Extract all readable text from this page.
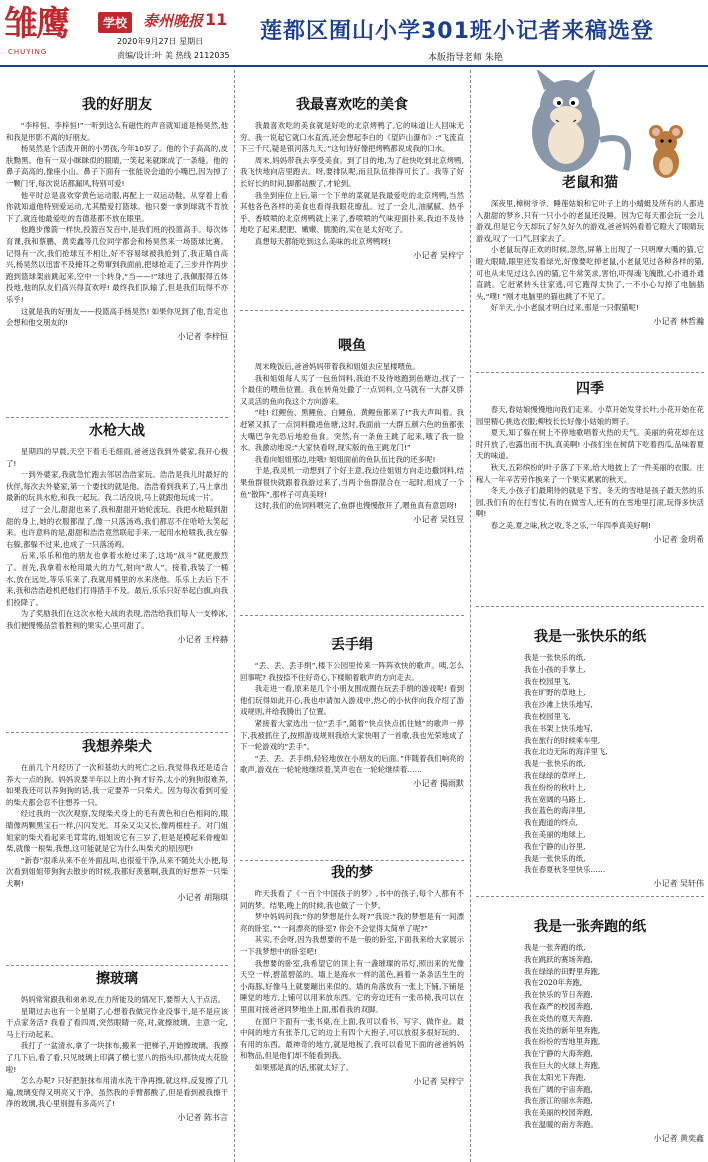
雏鹰
CHUYING
学校	泰州晚报 11
2020年9月27日 星期日
责编/设计:叶 美 热线 2112035
莲都区囿山小学301班小记者来稿选登
本版指导老师 朱艳
我的好朋友

“李梓恒、李梓恒!”一听到这么有磁性的声音就知道是杨昊然,他和我是形影不离的好朋友。

杨昊然是个活泼开朗的小男孩,今年10岁了。他的个子高高的,皮肤黝黑。他有一双小眯眯似的眼睛,一笑起来就眯成了一条缝。他的鼻子高高的,像座小山。鼻子下面有一张能说会道的小嘴巴,因为掉了一颗门牙,每次说话都漏风,特别可爱!

他平时总是喜欢穿黄色运动服,再配上一双运动鞋。从穿着上看你就知道他特别爱运动,尤其酷爱打篮球。他只要一拿到球就不肯放下了,就连他最爱吃的肯德基都不放在眼里。

他跑步像箭一样快,投篮百发百中,是我们班的投篮高手。每次体育课,我和蔡鹏、黄奕鑫等几位同学都会和杨昊然来一场篮球比赛。记得有一次,我们抢球互不相让,好不容易球被我抢到了,我正瞄自高兴,杨昊然以迅雷不及掩耳之势窜到我面前,把球抢走了,三步并作两步跑到篮球架前跳起来,空中一个转身,“当——!”球进了,我佩服得五体投地,他的队友们高兴得直欢呼! 最终我们队输了,但是我们玩得不亦乐乎!

这就是我的好朋友——投篮高手杨昊然! 如果你见到了他,肯定也会想和他交朋友的!

小记者 李梓恒
水枪大战

星期四的早晨,天空下着毛毛细雨,爸爸送我到外婆家,我开心极了!

一到外婆家,我就急忙跑去邻居浩浩家玩。浩浩是我儿时最好的伙伴,每次去外婆家,第一个要找的就是他。浩浩看到我来了,马上拿出最新的玩具水枪,和我一起玩。我二话没说,马上就跟他玩成一片。

过了一会儿,甜甜也来了,我和甜甜开始轮流玩。我把水枪瞄到甜甜的身上,她的衣服都湿了,像一只落汤鸡,我们都忍不住哈哈大笑起来。也许意料的是,甜甜和浩浩竟然联起手来,一起用水枪喷我,我左躲右躲,都躲不过来,也成了一只落汤鸡。

后来,乐乐和他的朋友也拿着水枪过来了,这场“战斗”就更激烈了。首先,我拿着水枪用最大的力气,射向“敌人”。接着,我装了一桶水,放在远处,等乐乐来了,我就用桶里的水来浇他。乐乐上去后下不来,我和浩浩趁机把他们打得措手不及。最后,乐乐只好举起白旗,向我们投降了。

为了奖励我们在这次水枪大战的表现,浩浩给我们每人一支棒冰,我们便慢慢品尝着胜利的果实,心里可甜了。

小记者 王梓赫
我想养柴犬

在前几个月经历了一次和基幼大的死亡之后,我觉得我还是适合养大一点的狗。妈妈说要半年以上的小狗才好养,太小的狗狗很难养,如果我还可以养狗狗的话,我一定要养一只柴犬。因为每次看到可爱的柴犬都会忍不住想养一只。

经过我的一次次观察,发现柴犬身上的毛有黄色和白色相间的,眼睛像两颗黑宝石一样,闪闪发光。耳朵又尖又长,像两根柱子。对门姐姐家的柴犬看起来毛茸茸的,姐姐说它有三岁了,但是是模起来骨瘦如柴,就像一根柴,我想,这可能就是它为什么叫柴犬的原因吧!

“新春”很乖从来不在外面乱叫,也很爱干净,从来不随处大小便,每次看到姐姐带狗狗去散步的时候,我都好羡慕啊,我真的好想养一只柴犬啊!

小记者 胡翔琪
擦玻璃

妈妈常常跟我和弟弟说,在力所能及的情况下,要帮大人干点活。

星期过去也有一个星期了,心想着我做完作业没事干,是不是应该干点家务活? 我看了看四周,突然眼睛一亮,对,就擦玻璃。主意一定,马上行动起来。

我打了一盆清水,拿了一块抹布,搬来一把梯子,开始擦玻璃。我擦了几下后,看了看,只见玻璃上印满了横七竖八的指头印,都快成大花脸啦!

怎么办呢? 只好把脏抹布用清水洗干净再擦,就这样,反复擦了几遍,玻璃变得又明亮又干净。虽然我的手臂都酸了,但是看到被我擦干净的玻璃,我心里别提有多高兴了!

小记者 陈书言
我最喜欢吃的美食

我最喜欢吃的美食就是好吃的北京烤鸭了,它的味道让人回味无穷。我一说起它就口水直流,还会想起李白的《望庐山瀑布》:“飞流直下三千尺,疑是银河落九天。”这句诗好像把烤鸭都说成我的口水。

周末,妈妈带我去享受美食。到了目的地,为了赶快吃到北京烤鸭,我飞快地向店里跑去。呀,要排队呢,而且队伍排得可长了。我等了好长好长的时间,脚都站酸了,才轮到。

我坐到座位上后,第一个下单的菜就是我最爱吃的北京烤鸭,当然其他各色各样的美食也看得我眼花缭乱。过了一会儿,油腻腻、热乎乎、香喷喷的北京烤鸭就上来了,香喷喷的气味迎面扑来,我迫不及待地吃了起来,肥肥、嫩嫩、脆脆的,实在是太好吃了。

真想每天都能吃到这么美味的北京烤鸭呀!

小记者 吴梓宁
喂鱼

周末晚饭后,爸爸妈妈带着我和姐姐去应星楼喂鱼。

我和姐姐每人买了一包鱼饲料,我迫不及待地跑到鱼塘边,找了一个最佳的喂鱼位置。我在转角处撒了一点饲料,立马就有一大群又胖又灵活的鱼向我这个方向游来。

“哇! 红鲤鱼、黑鲤鱼、白鲤鱼、黄鲤鱼都来了!”我大声叫着。我赶紧又抓了一点饲料撒进鱼塘,这时,我面前一大群五颜六色的鱼都张大嘴巴争先恐后地抢鱼食。突然,有一条鱼王跳了起来,哦了我一脸水。我激动地说:“大家快看呀,现实版的鱼王跳龙门!”

我看向姐姐那边,哇哦! 姐姐面前的鱼队伍比我的还多呢!

于是,我灵机一动想到了个好主意,我边往姐姐方向走边撒饲料,结果鱼群很快就跟着我游过来了,当两个鱼群混合在一起时,组成了一个鱼“散阵”,那样子可真美呀!

这时,我们的鱼饲料喂完了,鱼群也慢慢散开了,喂鱼真有意思呀!

小记者 吴钰昱
丢手绢

“丢、丢、丢手绢”,楼下公园里传来一阵阵欢快的歌声。咦,怎么回事呢? 我按捺不住好奇心,下楼顺着歌声的方向走去。

我走进一看,原来是几个小朋友围成圈在玩丢手绢的游戏呢! 看到他们玩得如此开心,我也申请加入游戏中,热心的小伙伴向我介绍了游戏规则,并给我腾出了位置。

紧接着大家选出一位“丢手”,随着“快点快点抓住她”的歌声一停下,我被抓住了,按照游戏规则我给大家快唱了一首歌,我也光荣地成了下一轮游戏的“丢手”。

“丢、丢、丢手绢,轻轻地放在小朋友的后面。”伴随着我们响亮的歌声,游戏在一轮轮地继续着,笑声也在一轮轮继续着……

小记者 揭雨默
我的梦

昨天我看了《一百个中国孩子的梦》,书中的孩子,每个人都有不同的梦。结果,晚上的时候,我也做了一个梦。

梦中妈妈问我:“你的梦想是什么呀?”我说:“我的梦想是有一间漂亮的卧室。”“一间漂亮的卧室? 你会不会觉得太简单了呢?”

其实,不会呀,因为我想要的不是一般的卧室,下面我来给大家展示一下我梦想中的卧室吧!

我想要的卧室,我希望它的顶上有一盏璀璨的吊灯,照出来的光像天空一样,碧蓝碧蓝的。墙上是海水一样的蓝色,画着一条条活生生的小海豚,好像马上就要蹦出来似的。墙的角落放有一张上下铺,下铺是睡觉的地方,上铺可以用来放东西。它的旁边还有一张吊椅,我可以在里面对接爸爸同梦地坐上面,那看我的双脚。

在窗户下面有一张书桌,在上面,我可以看书、写字、做作业。最中间的地方有张茶几,它的边上有四个大抱子,可以放很多很好玩的、有用的东西。最神奇的地方,就是地板了,我可以看见下面的爸爸妈妈和物品,但是他们却不能看到我。

如果那是真的话,那就太好了。

小记者 吴梓宁
老鼠和猫

深夜里,樟树爷爷、睡莲姑娘和它叶子上的小蜻蜓及所有的人都进入甜甜的梦乡,只有一只小小的老鼠还没睡。因为它每天都会玩一会儿游戏,但是它今天却玩了好久好久的游戏,爸爸妈妈看着它瞪大了眼睛玩游戏,叹了一口气,回家去了。

小老鼠玩得正欢的时候,忽然,屏幕上出现了一只明摩大嘴的猫,它瞪大眼睛,眼里还发着绿光,好像要吃掉老鼠,小老鼠见过各种各样的猫,可也从未见过这么凶的猫,它牛常笑求,害怕,吓得魂飞魄散,心扑通扑通直跳。它赶紧转头往家逃,可它跑得太快了,一不小心勾掉了电脑插头,“噗! ”刚才电脑里的猫也跳了不见了。

好半天,小小老鼠才明白过来,那是一只假猫呢!

小记者 林哲瀚
四季

春天,春姑娘慢慢地向我们走来。小草开始发芽长叶;小花开始在花园里精心挑选衣服;柳枝长长好像小姑娘的辫子。

夏天,知了躲在树上不停地歌唱着火热的天气。美丽的荷花却在这时开放了,也露出而不执,真美啊! 小孩们坐在树荫下吃着西瓜,品味着夏天的味道。

秋天,五彩缤纷的叶子落了下来,给大地披上了一件美丽的衣服。庄稼人一年辛苦劳作换来了一个果实累累的秋天。

冬天,小孩子们最期待的就是下雪。冬天的雪地是孩子最天然的乐园,我们有的在打雪仗,有的在做雪人,还有的在雪地里打滚,玩得多快活啊!

春之美,夏之味,秋之收,冬之乐,一年四季真美好啊!

小记者 金玥希
我是一张快乐的纸

我是一张快乐的纸,

我在小孩的手掌上,

我在校园里飞,

我在旷野的草地上,

我在沙滩上快乐地写,

我在校园里飞,

我在书架上快乐地写,

我在旅行的时候乘车里,

我在北边无际的海洋里飞,

我是一张快乐的纸,

我在绿绿的草坪上,

我在纷纷的秋叶上,

我在宽阔的马路上,

我在蓝色的海洋里,

我在跑道的终点,

我在美丽的地球上,

我在宁静的山谷里,

我是一张快乐的纸,

我在春夏秋冬里快乐……

小记者 吴轩伟
我是一张奔跑的纸

我是一张奔跑的纸,

我在跳跃的赛场奔跑,

我在绿绿的田野里奔跑,

我在2020年奔跑,

我在快乐的节日奔跑,

我在森严的校园奔跑,

我在炎热的夏天奔跑,

我在炎热的新年里奔跑,

我在纷纷的雪地里奔跑,

我在宁静的大海奔跑,

我在巨大的火球上奔跑,

我在太阳光下奔跑,

我在广阔的宇宙奔跑,

我在浙江的丽水奔跑,

我在美丽的校园奔跑,

我在温暖的南方奔跑。

小记者 黄奕鑫
